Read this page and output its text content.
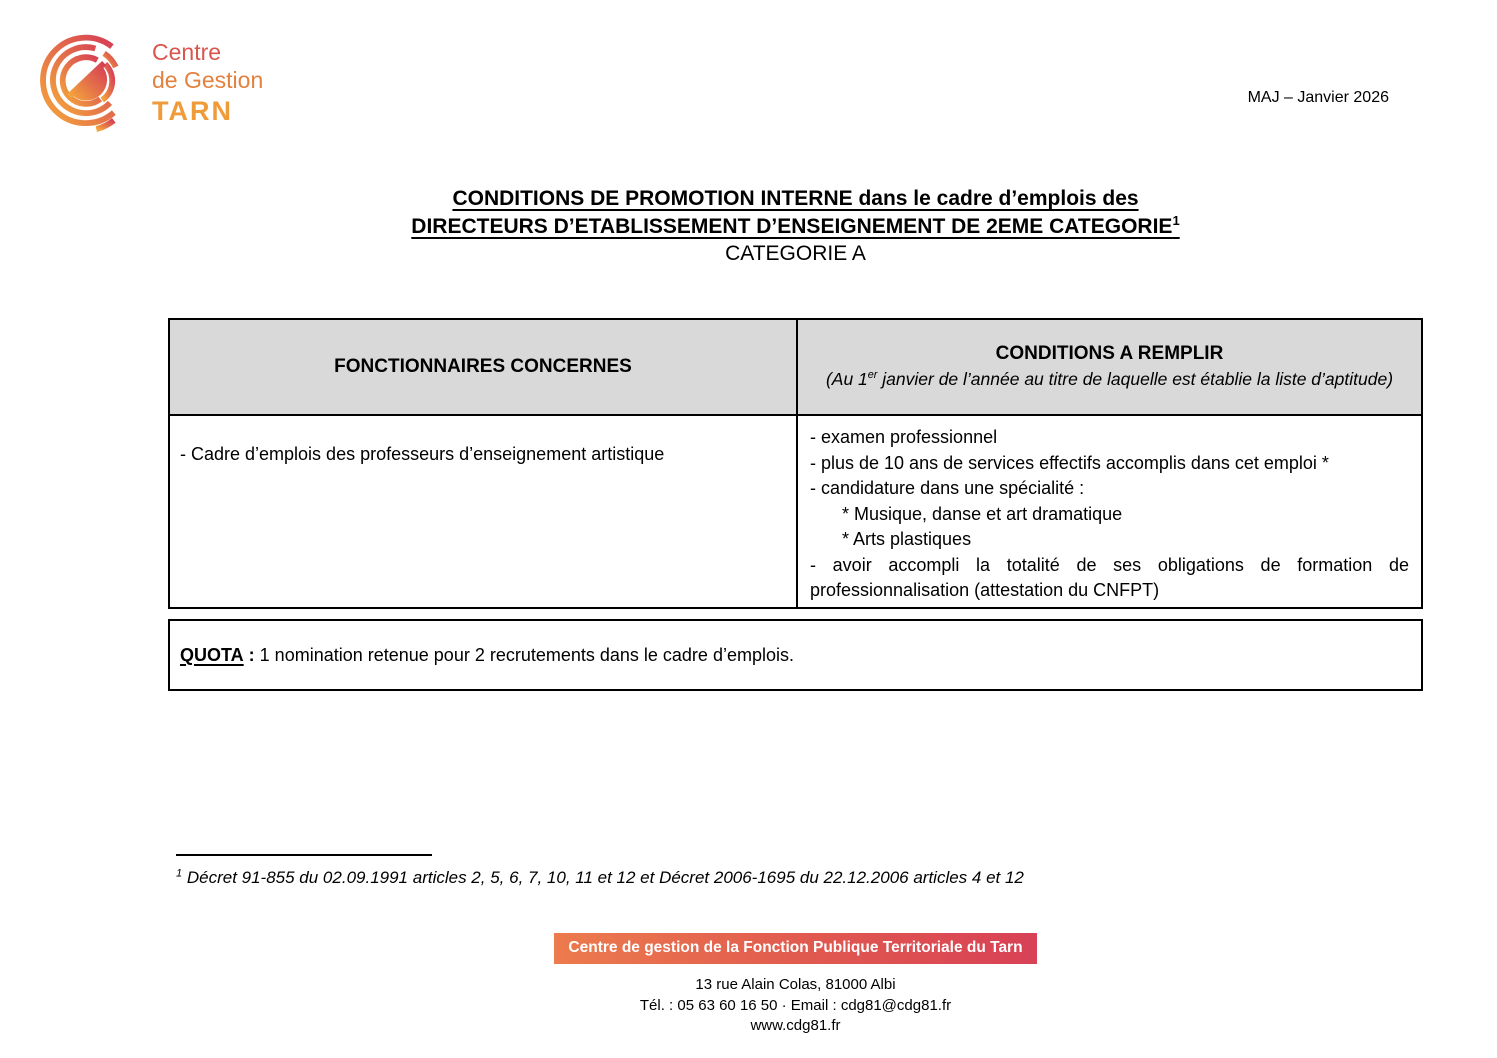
Centre
de Gestion
TARN	MAJ – Janvier 2026
CONDITIONS DE PROMOTION INTERNE dans le cadre d’emplois des
DIRECTEURS D’ETABLISSEMENT D’ENSEIGNEMENT DE 2EME CATEGORIE$^1$
CATEGORIE A
FONCTIONNAIRES CONCERNES
CONDITIONS A REMPLIR
(Au 1er janvier de l’année au titre de laquelle est établie la liste d’aptitude)
- Cadre d’emplois des professeurs d’enseignement artistique
- examen professionnel
- plus de 10 ans de services effectifs accomplis dans cet emploi *
- candidature dans une spécialité :
* Musique, danse et art dramatique
* Arts plastiques
- avoir accompli la totalité de ses obligations de formation de professionnalisation (attestation du CNFPT)
QUOTA : 1 nomination retenue pour 2 recrutements dans le cadre d’emplois.
$^1$ Décret 91-855 du 02.09.1991 articles 2, 5, 6, 7, 10, 11 et 12 et Décret 2006-1695 du 22.12.2006 articles 4 et 12
Centre de gestion de la Fonction Publique Territoriale du Tarn
13 rue Alain Colas, 81000 Albi
Tél. : 05 63 60 16 50 · Email : cdg81@cdg81.fr
www.cdg81.fr
